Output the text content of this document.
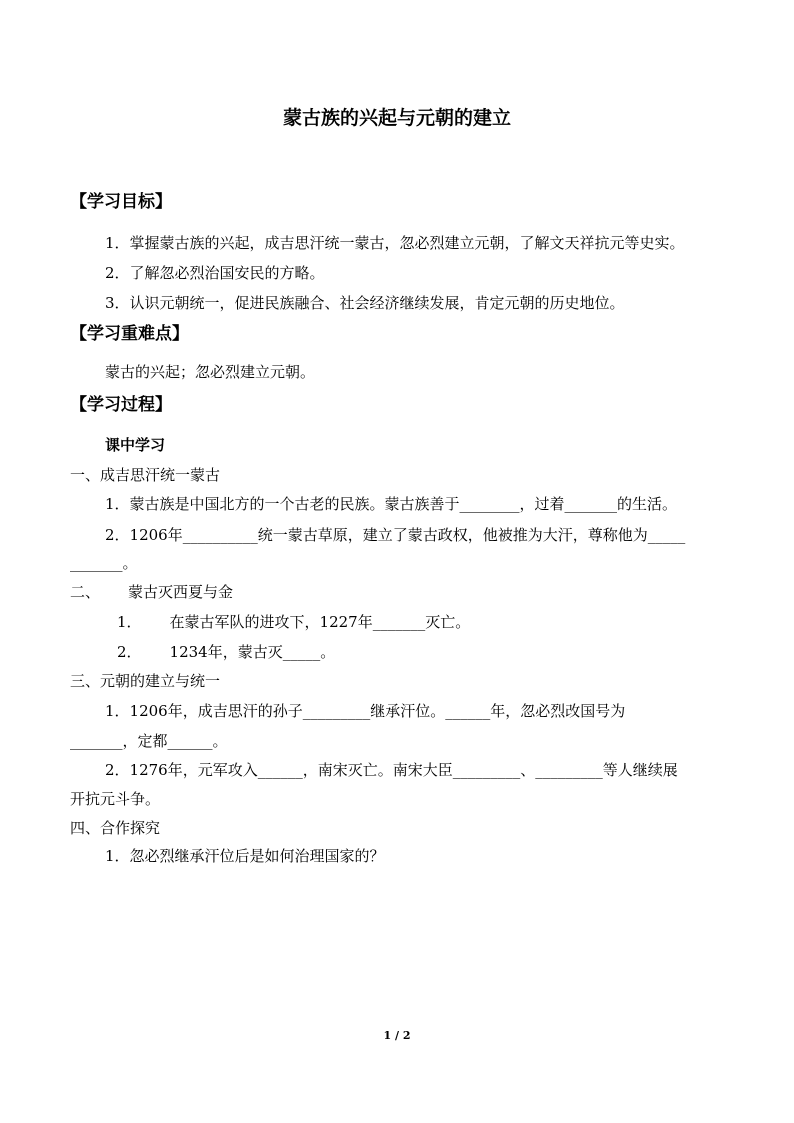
蒙古族的兴起与元朝的建立
【学习目标】
1．掌握蒙古族的兴起，成吉思汗统一蒙古，忽必烈建立元朝，了解文天祥抗元等史实。
2．了解忽必烈治国安民的方略。
3．认识元朝统一，促进民族融合、社会经济继续发展，肯定元朝的历史地位。
【学习重难点】
蒙古的兴起；忽必烈建立元朝。
【学习过程】
课中学习
一、成吉思汗统一蒙古
1．蒙古族是中国北方的一个古老的民族。蒙古族善于________，过着_______的生活。
2．1206年__________统一蒙古草原，建立了蒙古政权，他被推为大汗，尊称他为_____
_______。
二、 蒙古灭西夏与金
1． 在蒙古军队的进攻下，1227年_______灭亡。
2． 1234年，蒙古灭_____。
三、元朝的建立与统一
1．1206年，成吉思汗的孙子_________继承汗位。______年，忽必烈改国号为
_______，定都______。
2．1276年，元军攻入______，南宋灭亡。南宋大臣_________、_________等人继续展
开抗元斗争。
四、合作探究
1．忽必烈继承汗位后是如何治理国家的？
1 / 2
